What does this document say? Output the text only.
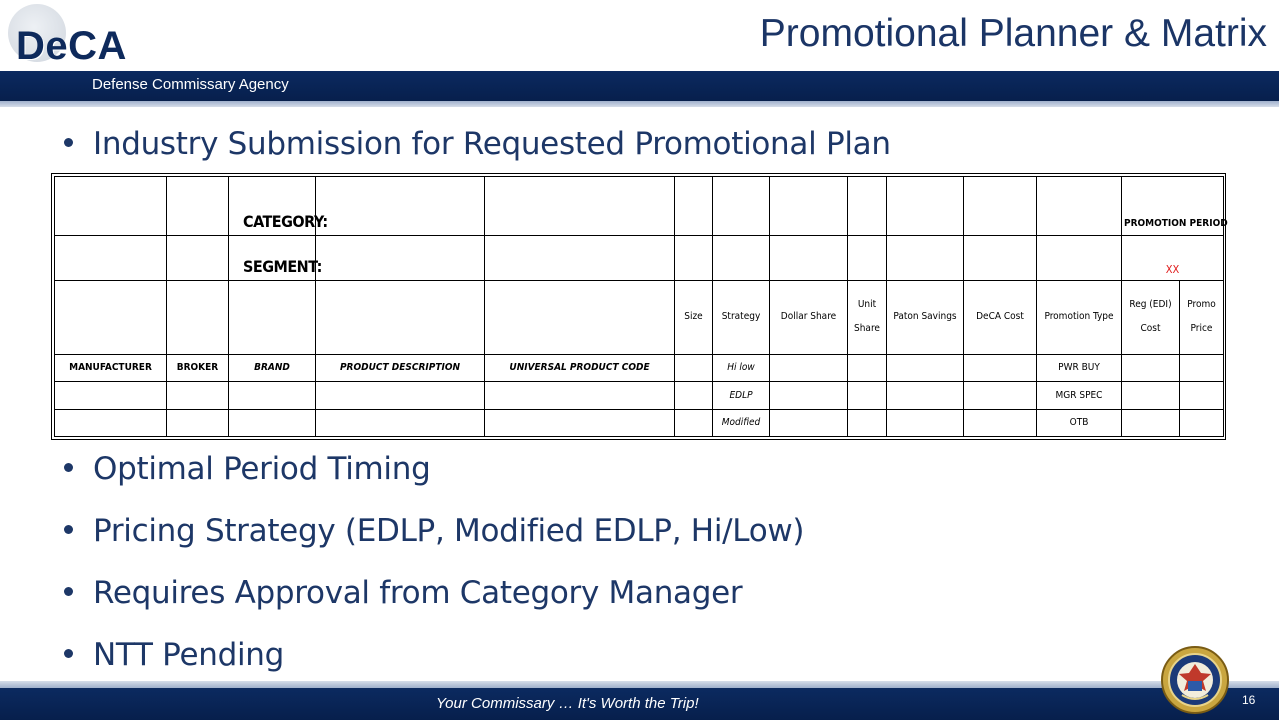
DeCA	Promotional Planner & Matrix
Defense Commissary Agency
Industry Submission for Requested Promotional Plan
		CATEGORY:										PROMOTION PERIOD	
		SEGMENT:										XX	
					Size	Strategy	Dollar Share	Unit Share	Paton Savings	DeCA Cost	Promotion Type	Reg (EDI) Cost	Promo Price
MANUFACTURER	BROKER	BRAND	PRODUCT DESCRIPTION	UNIVERSAL PRODUCT CODE		Hi low					PWR BUY		
						EDLP					MGR SPEC		
						Modified					OTB		
Optimal Period Timing
Pricing Strategy (EDLP, Modified EDLP, Hi/Low)
Requires Approval from Category Manager
NTT Pending
Your Commissary … It's Worth the Trip!	16
